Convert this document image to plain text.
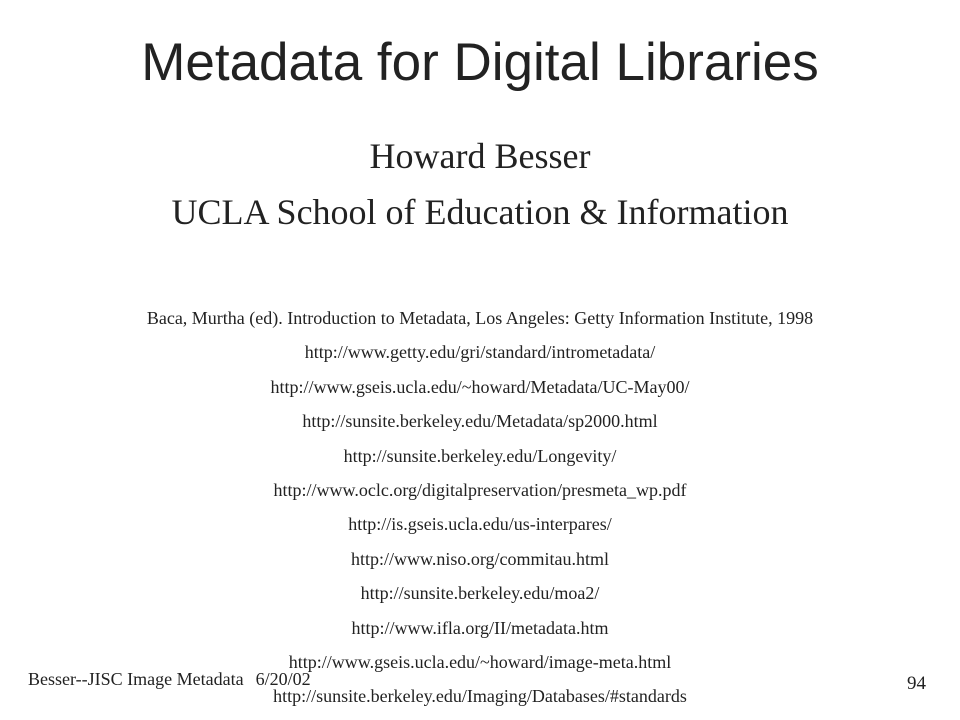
Metadata for Digital Libraries
Howard Besser
UCLA School of Education & Information
Baca, Murtha (ed). Introduction to Metadata, Los Angeles: Getty Information Institute, 1998
http://www.getty.edu/gri/standard/intrometadata/
http://www.gseis.ucla.edu/~howard/Metadata/UC-May00/
http://sunsite.berkeley.edu/Metadata/sp2000.html
http://sunsite.berkeley.edu/Longevity/
http://www.oclc.org/digitalpreservation/presmeta_wp.pdf
http://is.gseis.ucla.edu/us-interpares/
http://www.niso.org/commitau.html
http://sunsite.berkeley.edu/moa2/
http://www.ifla.org/II/metadata.htm
http://www.gseis.ucla.edu/~howard/image-meta.html
http://sunsite.berkeley.edu/Imaging/Databases/#standards
Besser--JISC Image Metadata 6/20/02	94
